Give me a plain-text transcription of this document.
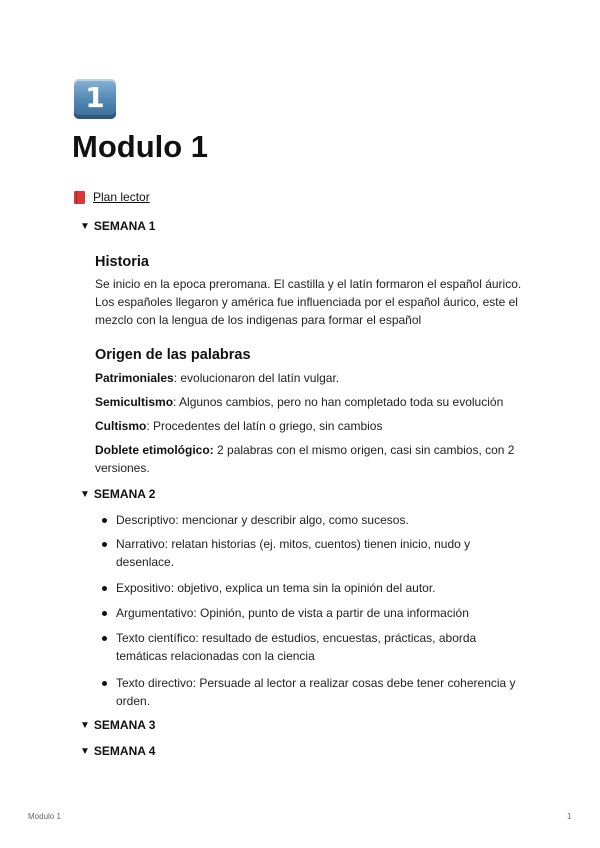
1
Modulo 1
Plan lector
▼ SEMANA 1
Historia

Se inicio en la epoca preromana. El castilla y el latín formaron el español áurico. Los españoles llegaron y américa fue influenciada por el español áurico, este el mezclo con la lengua de los indigenas para formar el español

Origen de las palabras

Patrimoniales: evolucionaron del latín vulgar.

Semicultismo: Algunos cambios, pero no han completado toda su evolución

Cultismo: Procedentes del latín o griego, sin cambios

Doblete etimológico: 2 palabras con el mismo origen, casi sin cambios, con 2 versiones.

▼ SEMANA 2
Descriptivo: mencionar y describir algo, como sucesos.
Narrativo: relatan historias (ej. mitos, cuentos) tienen inicio, nudo y desenlace.
Expositivo: objetivo, explica un tema sin la opinión del autor.
Argumentativo: Opinión, punto de vista a partir de una información
Texto científico: resultado de estudios, encuestas, prácticas, aborda temáticas relacionadas con la ciencia
Texto directivo: Persuade al lector a realizar cosas debe tener coherencia y orden.
▼ SEMANA 3
▼ SEMANA 4
Modulo 1	1
